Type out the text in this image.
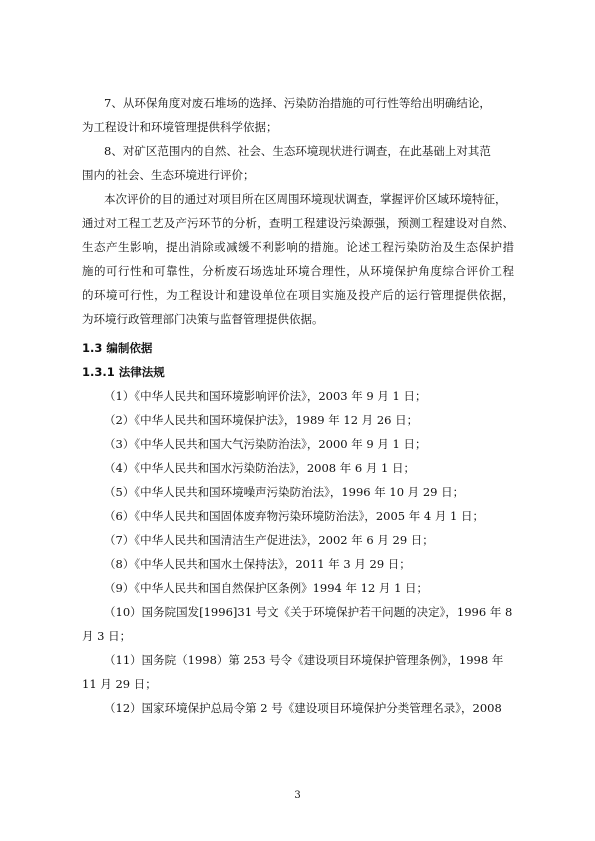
7、从环保角度对废石堆场的选择、污染防治措施的可行性等给出明确结论，
为工程设计和环境管理提供科学依据；
8、对矿区范围内的自然、社会、生态环境现状进行调查，在此基础上对其范
围内的社会、生态环境进行评价；
本次评价的目的通过对项目所在区周围环境现状调查，掌握评价区域环境特征，
通过对工程工艺及产污环节的分析，查明工程建设污染源强，预测工程建设对自然、
生态产生影响，提出消除或减缓不利影响的措施。论述工程污染防治及生态保护措
施的可行性和可靠性，分析废石场选址环境合理性，从环境保护角度综合评价工程
的环境可行性，为工程设计和建设单位在项目实施及投产后的运行管理提供依据，
为环境行政管理部门决策与监督管理提供依据。
1.3 编制依据
1.3.1 法律法规
（1）《中华人民共和国环境影响评价法》，2003 年 9 月 1 日；
（2）《中华人民共和国环境保护法》，1989 年 12 月 26 日；
（3）《中华人民共和国大气污染防治法》，2000 年 9 月 1 日；
（4）《中华人民共和国水污染防治法》，2008 年 6 月 1 日；
（5）《中华人民共和国环境噪声污染防治法》，1996 年 10 月 29 日；
（6）《中华人民共和国固体废弃物污染环境防治法》，2005 年 4 月 1 日；
（7）《中华人民共和国清洁生产促进法》，2002 年 6 月 29 日；
（8）《中华人民共和国水土保持法》，2011 年 3 月 29 日；
（9）《中华人民共和国自然保护区条例》1994 年 12 月 1 日；
（10）国务院国发[1996]31 号文《关于环境保护若干问题的决定》，1996 年 8
月 3 日；
（11）国务院（1998）第 253 号令《建设项目环境保护管理条例》，1998 年
11 月 29 日；
（12）国家环境保护总局令第 2 号《建设项目环境保护分类管理名录》，2008
3
